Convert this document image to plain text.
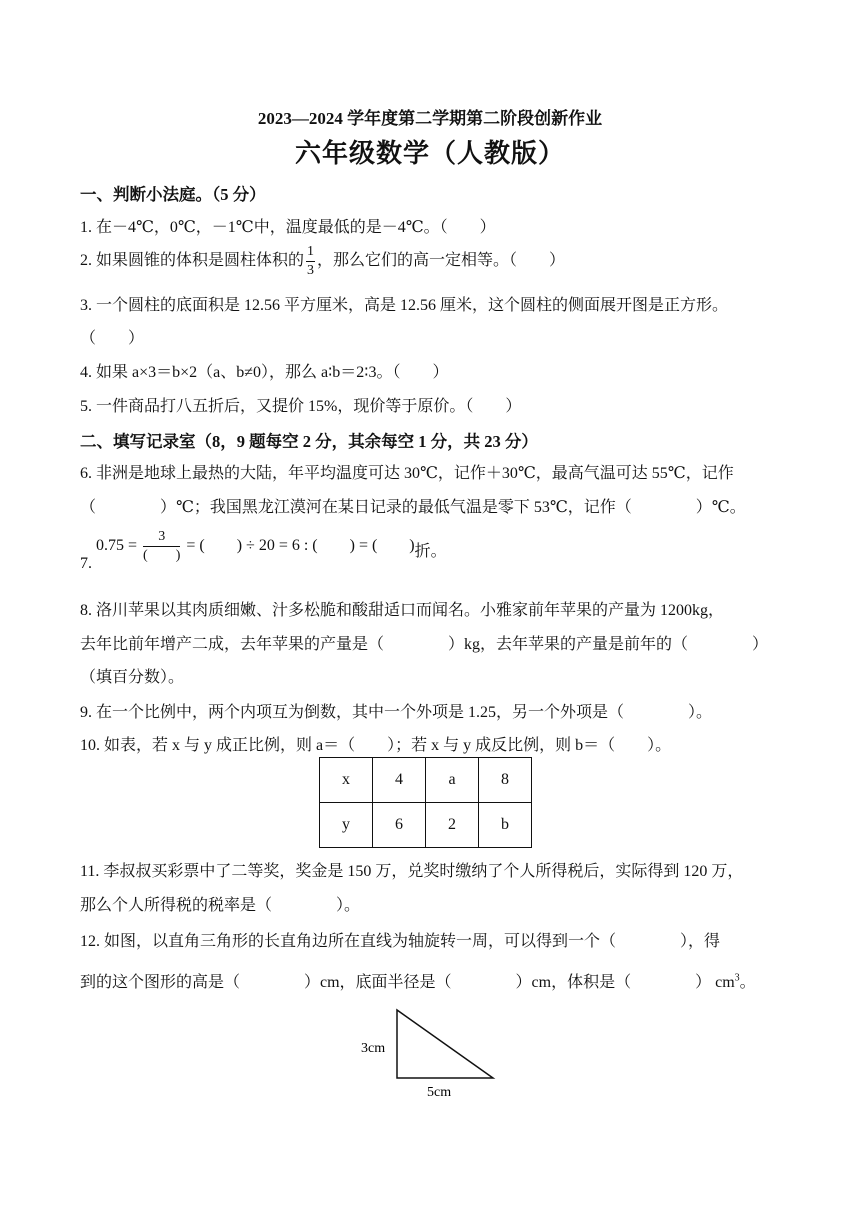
2023—2024 学年度第二学期第二阶段创新作业
六年级数学（人教版）
一、判断小法庭。（5 分）
1. 在－4℃，0℃，－1℃中，温度最低的是－4℃。（　　）
2. 如果圆锥的体积是圆柱体积的 $\frac{1}{3}$ ，那么它们的高一定相等。（　　）
3. 一个圆柱的底面积是 12.56 平方厘米，高是 12.56 厘米，这个圆柱的侧面展开图是正方形。
（　　）
4. 如果 a×3＝b×2（a、b≠0），那么 a∶b＝2∶3。（　　）
5. 一件商品打八五折后，又提价 15%，现价等于原价。（　　）
二、填写记录室（8，9 题每空 2 分，其余每空 1 分，共 23 分）
6. 非洲是地球上最热的大陆，年平均温度可达 30℃，记作＋30℃，最高气温可达 55℃，记作
（　　　　）℃；我国黑龙江漠河在某日记录的最低气温是零下 53℃，记作（　　　　）℃。
7. $0.75 = \frac{3}{( )}$ = (　　) ÷ 20 = 6 : (　　) = (　　)折。
8. 洛川苹果以其肉质细嫩、汁多松脆和酸甜适口而闻名。小雅家前年苹果的产量为 1200kg，
去年比前年增产二成，去年苹果的产量是（　　　　）kg，去年苹果的产量是前年的（　　　　）
（填百分数）。
9. 在一个比例中，两个内项互为倒数，其中一个外项是 1.25，另一个外项是（　　　　）。
10. 如表，若 x 与 y 成正比例，则 a＝（　　）；若 x 与 y 成反比例，则 b＝（　　）。
x	4	a	8
y	6	2	b
11. 李叔叔买彩票中了二等奖，奖金是 150 万，兑奖时缴纳了个人所得税后，实际得到 120 万，
那么个人所得税的税率是（　　　　）。
12. 如图，以直角三角形的长直角边所在直线为轴旋转一周，可以得到一个（　　　　），得
到的这个图形的高是（　　　　）cm，底面半径是（　　　　）cm，体积是（　　　　） $cm^3$。
3cm
5cm
